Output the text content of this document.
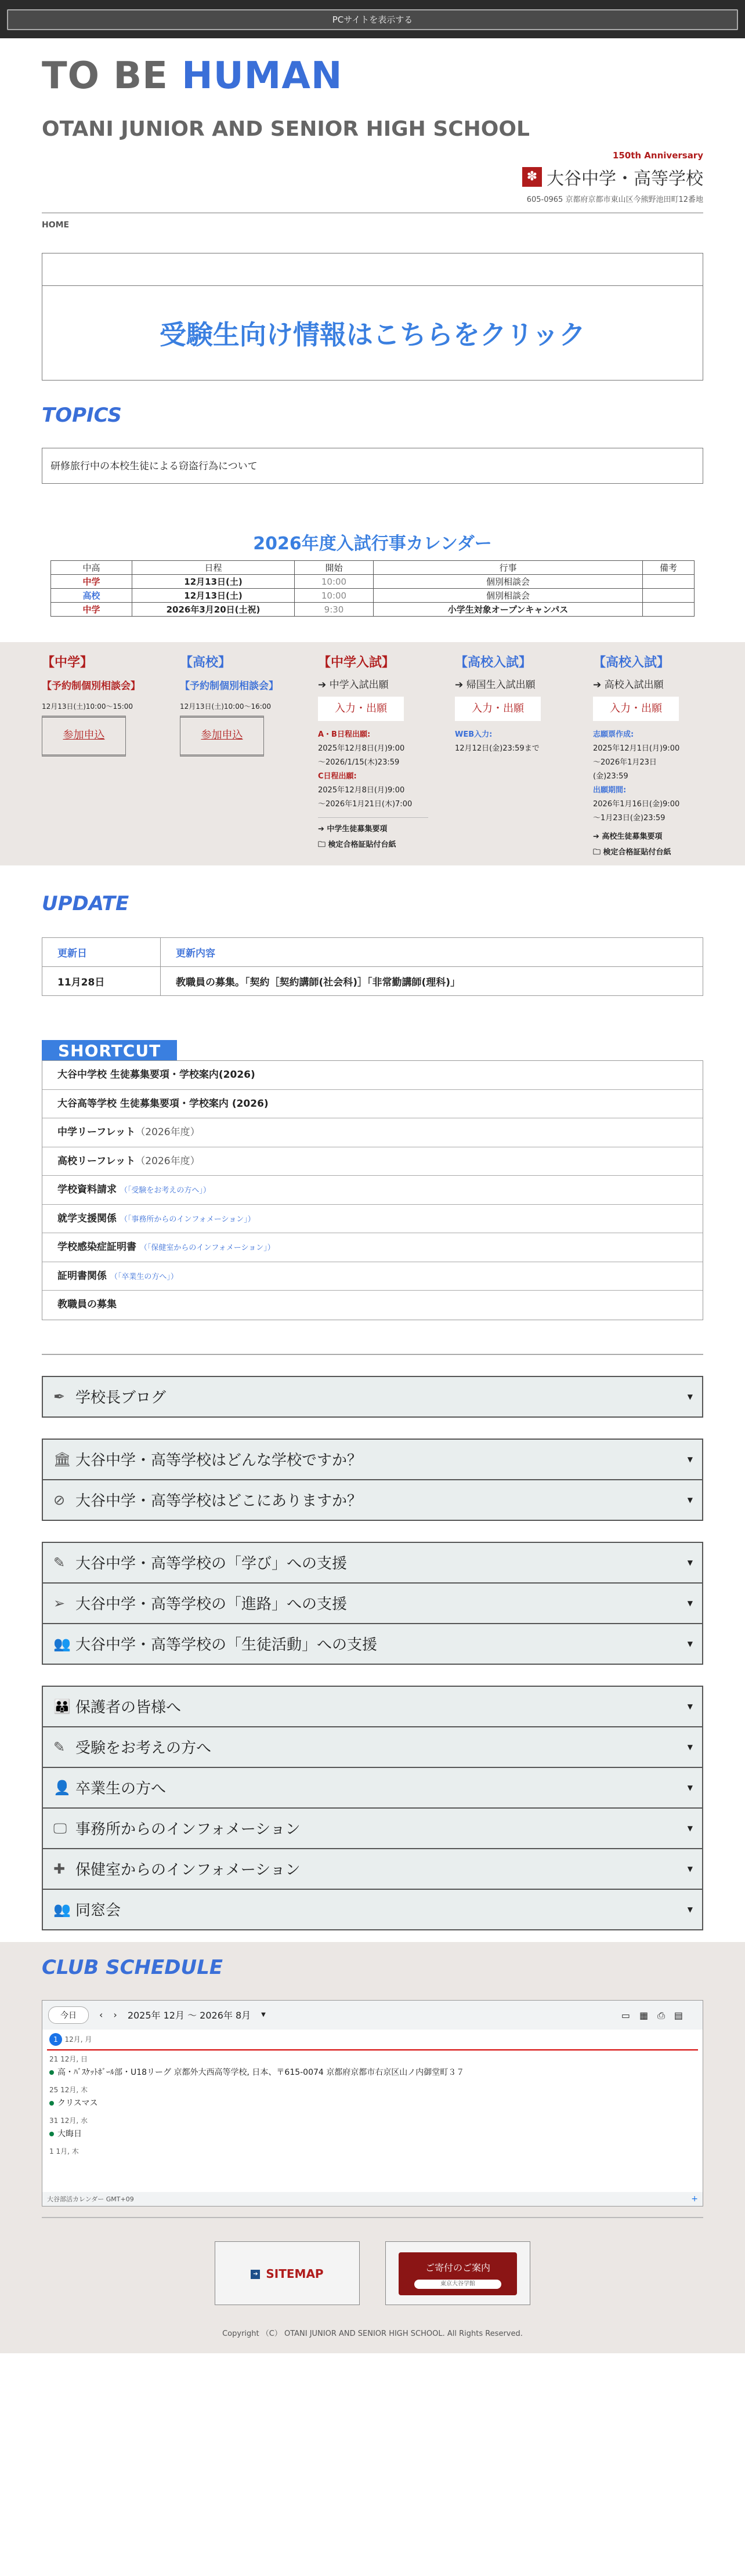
PCサイトを表示する
TO BE HUMAN
OTANI JUNIOR AND SENIOR HIGH SCHOOL
150th Anniversary
✽ 大谷中学・高等学校
605-0965 京都府京都市東山区今熊野池田町12番地
HOME
受験生向け情報はこちらをクリック
TOPICS
研修旅行中の本校生徒による窃盗行為について
2026年度入試行事カレンダー
中高	日程	開始	行事	備考
中学	12月13日(土)	10:00	個別相談会	
高校	12月13日(土)	10:00	個別相談会	
中学	2026年3月20日(土祝)	9:30	小学生対象オープンキャンパス	
【中学】
【予約制個別相談会】
12月13日(土)10:00〜15:00
参加申込
【高校】
【予約制個別相談会】
12月13日(土)10:00〜16:00
参加申込
【中学入試】
➔ 中学入試出願
入力・出願
A・B日程出願:
2025年12月8日(月)9:00
〜2026/1/15(木)23:59
C日程出願:
2025年12月8日(月)9:00
〜2026年1月21日(木)7:00
➔ 中学生徒募集要項
🗀 検定合格証貼付台紙
【高校入試】
➔ 帰国生入試出願
入力・出願
WEB入力:
12月12日(金)23:59まで
【高校入試】
➔ 高校入試出願
入力・出願
志願票作成:
2025年12月1日(月)9:00
〜2026年1月23日
(金)23:59
出願期間:
2026年1月16日(金)9:00
〜1月23日(金)23:59
➔ 高校生徒募集要項
🗀 検定合格証貼付台紙
UPDATE
更新日	更新内容
11月28日	教職員の募集。「契約［契約講師(社会科)］「非常勤講師(理科)」
SHORTCUT
大谷中学校 生徒募集要項・学校案内(2026)
大谷高等学校 生徒募集要項・学校案内 (2026)
中学リーフレット（2026年度）
高校リーフレット（2026年度）
学校資料請求 （「受験をお考えの方へ」）
就学支援関係 （「事務所からのインフォメーション」）
学校感染症証明書 （「保健室からのインフォメーション」）
証明書関係 （「卒業生の方へ」）
教職員の募集
✒ 学校長ブログ	▼
🏛 大谷中学・高等学校はどんな学校ですか？	▼
⊘ 大谷中学・高等学校はどこにありますか？	▼
✎ 大谷中学・高等学校の「学び」への支援	▼
➢ 大谷中学・高等学校の「進路」への支援	▼
👥 大谷中学・高等学校の「生徒活動」への支援	▼
👪 保護者の皆様へ	▼
✎ 受験をお考えの方へ	▼
👤 卒業生の方へ	▼
🖵 事務所からのインフォメーション	▼
✚ 保健室からのインフォメーション	▼
👥 同窓会	▼
CLUB SCHEDULE
今日	‹ › 2025年 12月 〜 2026年 8月 ▼	▭▦⎙▤
1 12月, 月
21 12月, 日
高・ﾊﾞｽｹｯﾄﾎﾞｰﾙ部・U18リーグ 京都外大西高等学校, 日本、〒615-0074 京都府京都市右京区山ノ内御堂町３７
25 12月, 木
クリスマス
31 12月, 水
大晦日
1 1月, 木
大谷部活カレンダー GMT+09	+
➔ SITEMAP	ご寄付のご案内
東京大谷学館
Copyright （C） OTANI JUNIOR AND SENIOR HIGH SCHOOL. All Rights Reserved.
